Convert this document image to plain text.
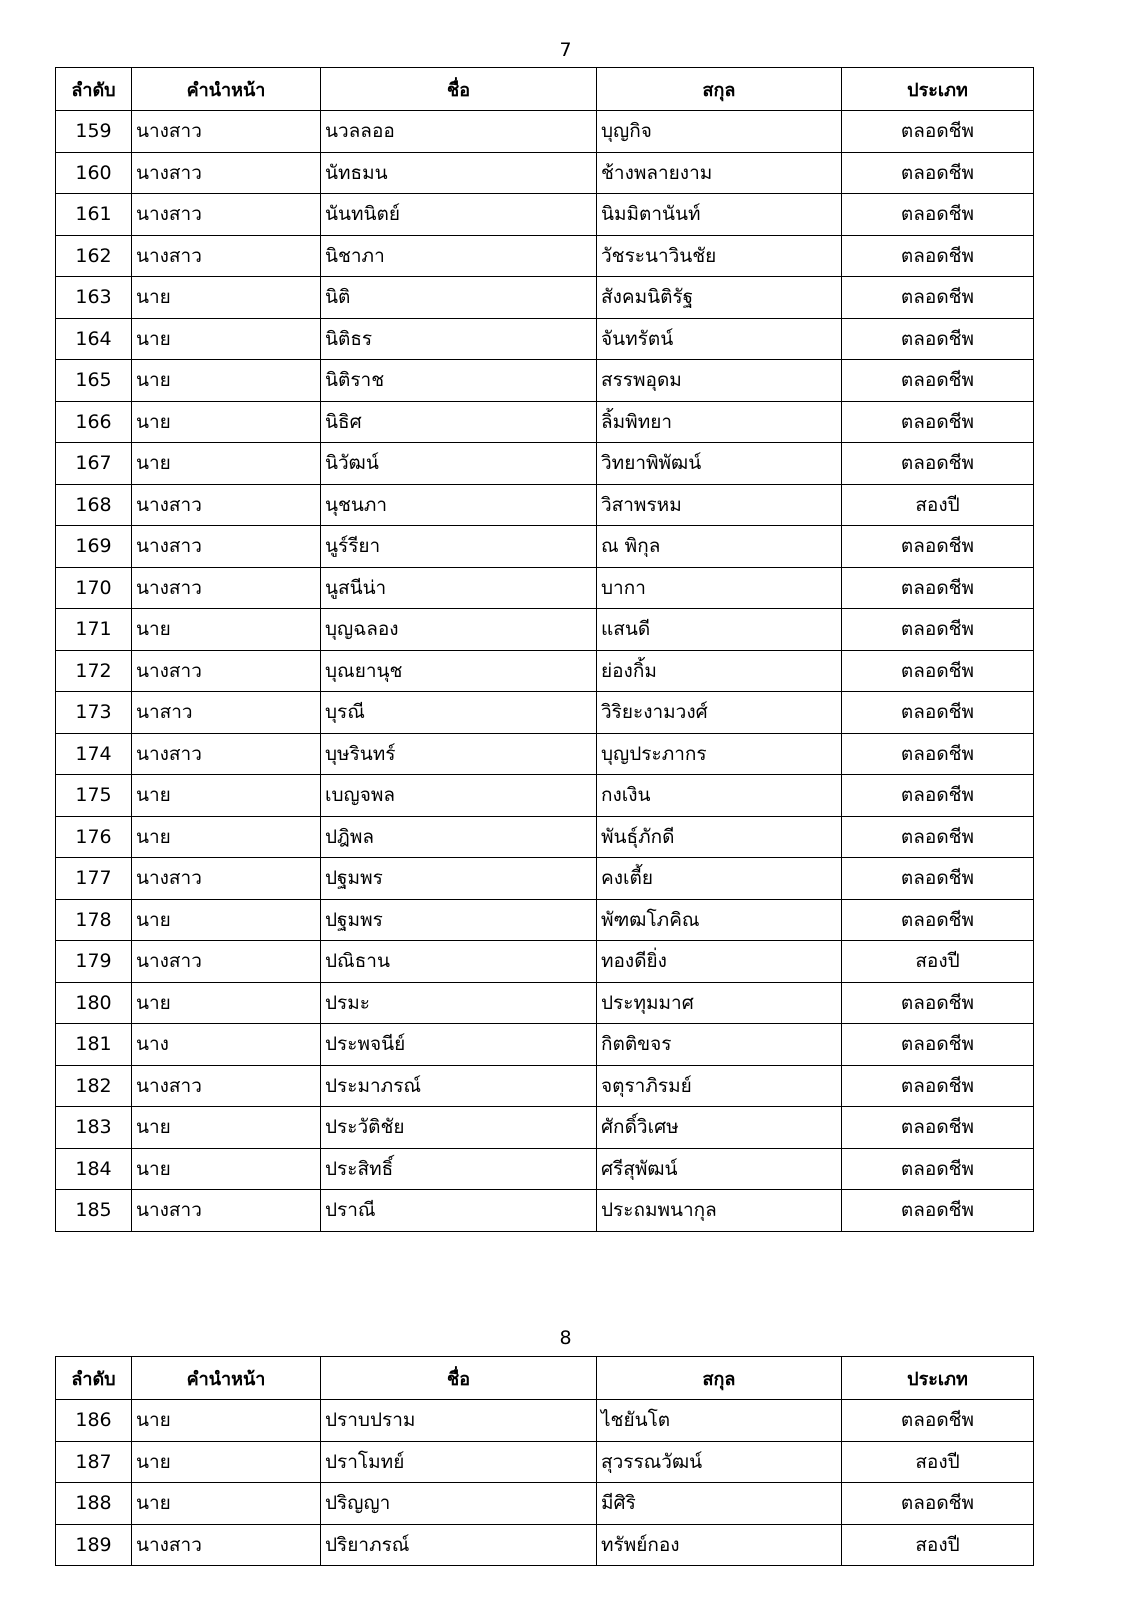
7
ลำดับ	คำนำหน้า	ชื่อ	สกุล	ประเภท
159	นางสาว	นวลลออ	บุญกิจ	ตลอดชีพ
160	นางสาว	นัทธมน	ช้างพลายงาม	ตลอดชีพ
161	นางสาว	นันทนิตย์	นิมมิตานันท์	ตลอดชีพ
162	นางสาว	นิชาภา	วัชระนาวินชัย	ตลอดชีพ
163	นาย	นิติ	สังคมนิติรัฐ	ตลอดชีพ
164	นาย	นิติธร	จันทรัตน์	ตลอดชีพ
165	นาย	นิติราช	สรรพอุดม	ตลอดชีพ
166	นาย	นิธิศ	ลิ้มพิทยา	ตลอดชีพ
167	นาย	นิวัฒน์	วิทยาพิพัฒน์	ตลอดชีพ
168	นางสาว	นุชนภา	วิสาพรหม	สองปี
169	นางสาว	นูร์รียา	ณ พิกุล	ตลอดชีพ
170	นางสาว	นูสนีน่า	บากา	ตลอดชีพ
171	นาย	บุญฉลอง	แสนดี	ตลอดชีพ
172	นางสาว	บุณยานุช	ย่องกิ้ม	ตลอดชีพ
173	นาสาว	บุรณี	วิริยะงามวงศ์	ตลอดชีพ
174	นางสาว	บุษรินทร์	บุญประภากร	ตลอดชีพ
175	นาย	เบญจพล	กงเงิน	ตลอดชีพ
176	นาย	ปฎิพล	พันธุ์ภักดี	ตลอดชีพ
177	นางสาว	ปฐมพร	คงเตี้ย	ตลอดชีพ
178	นาย	ปฐมพร	พัฑฒโภคิณ	ตลอดชีพ
179	นางสาว	ปณิธาน	ทองดียิ่ง	สองปี
180	นาย	ปรมะ	ประทุมมาศ	ตลอดชีพ
181	นาง	ประพจนีย์	กิตติขจร	ตลอดชีพ
182	นางสาว	ประมาภรณ์	จตุราภิรมย์	ตลอดชีพ
183	นาย	ประวัติชัย	ศักดิ์วิเศษ	ตลอดชีพ
184	นาย	ประสิทธิ์	ศรีสุพัฒน์	ตลอดชีพ
185	นางสาว	ปราณี	ประถมพนากุล	ตลอดชีพ
8
ลำดับ	คำนำหน้า	ชื่อ	สกุล	ประเภท
186	นาย	ปราบปราม	ไชยันโต	ตลอดชีพ
187	นาย	ปราโมทย์	สุวรรณวัฒน์	สองปี
188	นาย	ปริญญา	มีศิริ	ตลอดชีพ
189	นางสาว	ปริยาภรณ์	ทรัพย์กอง	สองปี
